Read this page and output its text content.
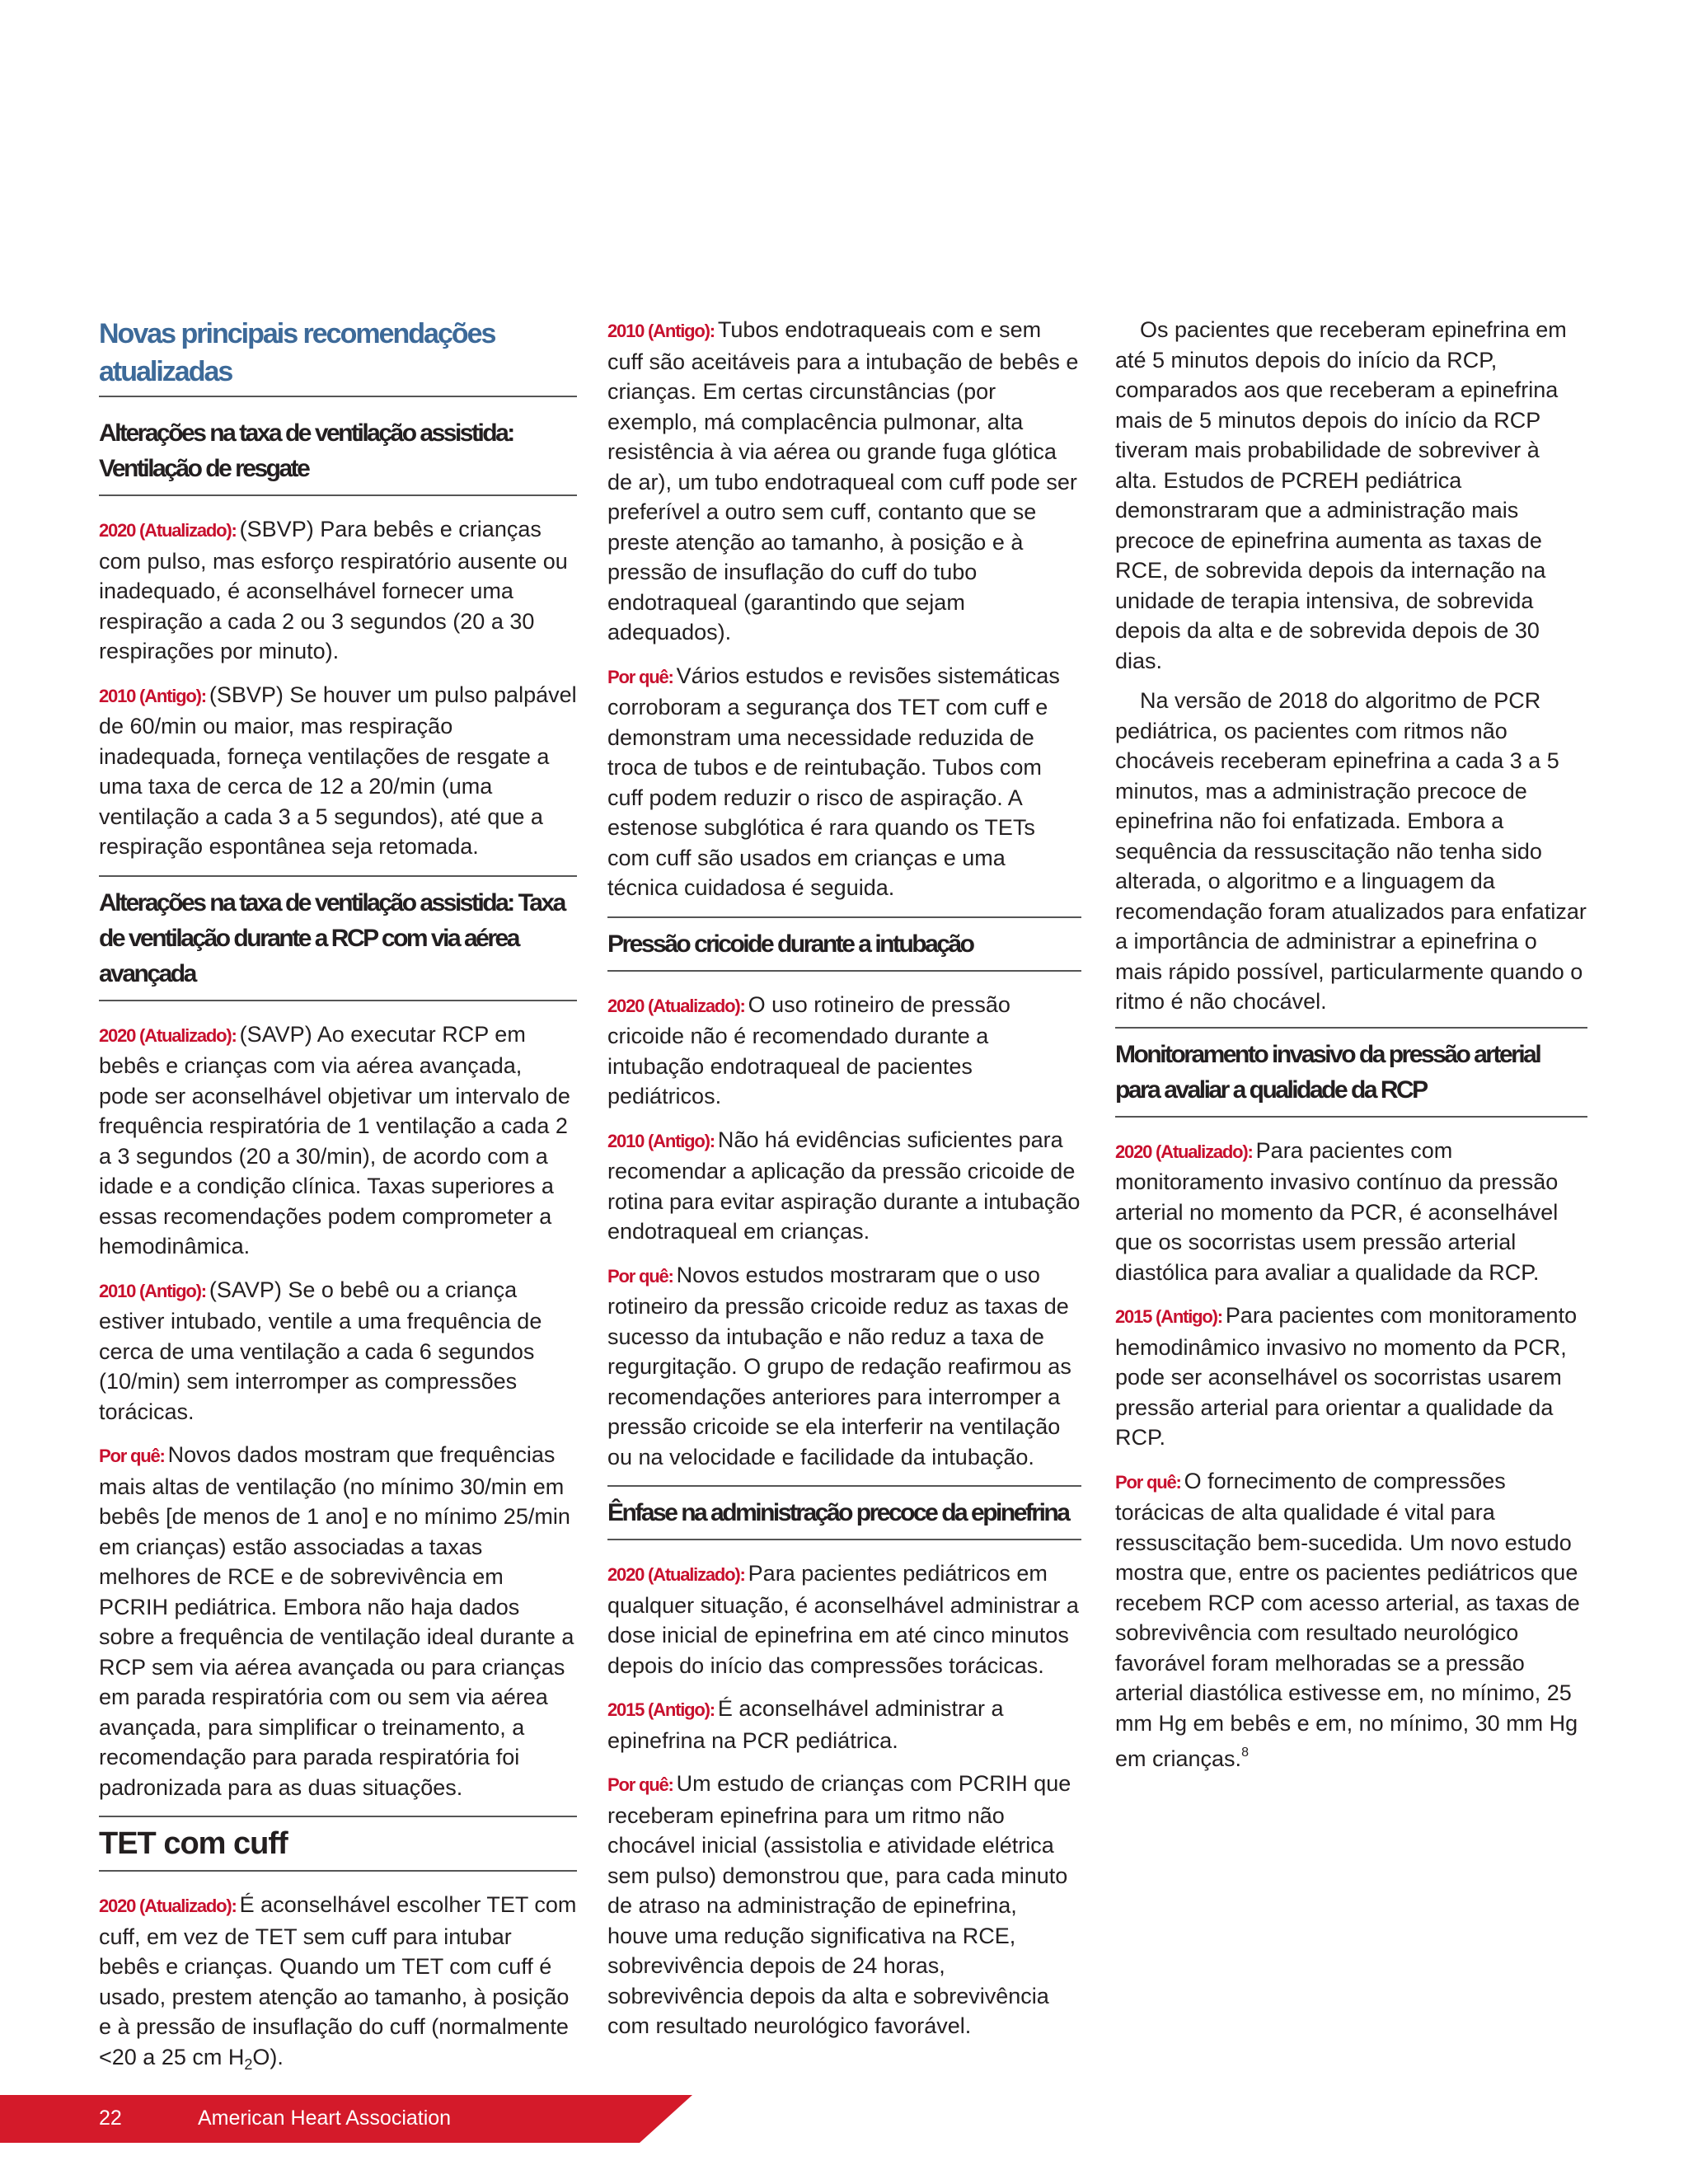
Novas principais recomendações atualizadas
Alterações na taxa de ventilação assistida: Ventilação de resgate

2020 (Atualizado): (SBVP) Para bebês e crianças com pulso, mas esforço respiratório ausente ou inadequado, é aconselhável fornecer uma respiração a cada 2 ou 3 segundos (20 a 30 respirações por minuto).

2010 (Antigo): (SBVP) Se houver um pulso palpável de 60/min ou maior, mas respiração inadequada, forneça ventilações de resgate a uma taxa de cerca de 12 a 20/min (uma ventilação a cada 3 a 5 segundos), até que a respiração espontânea seja retomada.

Alterações na taxa de ventilação assistida: Taxa de ventilação durante a RCP com via aérea avançada

2020 (Atualizado): (SAVP) Ao executar RCP em bebês e crianças com via aérea avançada, pode ser aconselhável objetivar um intervalo de frequência respiratória de 1 ventilação a cada 2 a 3 segundos (20 a 30/min), de acordo com a idade e a condição clínica. Taxas superiores a essas recomendações podem comprometer a hemodinâmica.

2010 (Antigo): (SAVP) Se o bebê ou a criança estiver intubado, ventile a uma frequência de cerca de uma ventilação a cada 6 segundos (10/min) sem interromper as compressões torácicas.

Por quê: Novos dados mostram que frequências mais altas de ventilação (no mínimo 30/min em bebês [de menos de 1 ano] e no mínimo 25/min em crianças) estão associadas a taxas melhores de RCE e de sobrevivência em PCRIH pediátrica. Embora não haja dados sobre a frequência de ventilação ideal durante a RCP sem via aérea avançada ou para crianças em parada respiratória com ou sem via aérea avançada, para simplificar o treinamento, a recomendação para parada respiratória foi padronizada para as duas situações.

TET com cuff

2020 (Atualizado): É aconselhável escolher TET com cuff, em vez de TET sem cuff para intubar bebês e crianças. Quando um TET com cuff é usado, prestem atenção ao tamanho, à posição e à pressão de insuflação do cuff (normalmente <20 a 25 cm $H_2O$).

2010 (Antigo): Tubos endotraqueais com e sem cuff são aceitáveis para a intubação de bebês e crianças. Em certas circunstâncias (por exemplo, má complacência pulmonar, alta resistência à via aérea ou grande fuga glótica de ar), um tubo endotraqueal com cuff pode ser preferível a outro sem cuff, contanto que se preste atenção ao tamanho, à posição e à pressão de insuflação do cuff do tubo endotraqueal (garantindo que sejam adequados).

Por quê: Vários estudos e revisões sistemáticas corroboram a segurança dos TET com cuff e demonstram uma necessidade reduzida de troca de tubos e de reintubação. Tubos com cuff podem reduzir o risco de aspiração. A estenose subglótica é rara quando os TETs com cuff são usados em crianças e uma técnica cuidadosa é seguida.

Pressão cricoide durante a intubação

2020 (Atualizado): O uso rotineiro de pressão cricoide não é recomendado durante a intubação endotraqueal de pacientes pediátricos.

2010 (Antigo): Não há evidências suficientes para recomendar a aplicação da pressão cricoide de rotina para evitar aspiração durante a intubação endotraqueal em crianças.

Por quê: Novos estudos mostraram que o uso rotineiro da pressão cricoide reduz as taxas de sucesso da intubação e não reduz a taxa de regurgitação. O grupo de redação reafirmou as recomendações anteriores para interromper a pressão cricoide se ela interferir na ventilação ou na velocidade e facilidade da intubação.

Ênfase na administração precoce da epinefrina

2020 (Atualizado): Para pacientes pediátricos em qualquer situação, é aconselhável administrar a dose inicial de epinefrina em até cinco minutos depois do início das compressões torácicas.

2015 (Antigo): É aconselhável administrar a epinefrina na PCR pediátrica.

Por quê: Um estudo de crianças com PCRIH que receberam epinefrina para um ritmo não chocável inicial (assistolia e atividade elétrica sem pulso) demonstrou que, para cada minuto de atraso na administração de epinefrina, houve uma redução significativa na RCE, sobrevivência depois de 24 horas, sobrevivência depois da alta e sobrevivência com resultado neurológico favorável.

Os pacientes que receberam epinefrina em até 5 minutos depois do início da RCP, comparados aos que receberam a epinefrina mais de 5 minutos depois do início da RCP tiveram mais probabilidade de sobreviver à alta. Estudos de PCREH pediátrica demonstraram que a administração mais precoce de epinefrina aumenta as taxas de RCE, de sobrevida depois da internação na unidade de terapia intensiva, de sobrevida depois da alta e de sobrevida depois de 30 dias.

Na versão de 2018 do algoritmo de PCR pediátrica, os pacientes com ritmos não chocáveis receberam epinefrina a cada 3 a 5 minutos, mas a administração precoce de epinefrina não foi enfatizada. Embora a sequência da ressuscitação não tenha sido alterada, o algoritmo e a linguagem da recomendação foram atualizados para enfatizar a importância de administrar a epinefrina o mais rápido possível, particularmente quando o ritmo é não chocável.

Monitoramento invasivo da pressão arterial para avaliar a qualidade da RCP

2020 (Atualizado): Para pacientes com monitoramento invasivo contínuo da pressão arterial no momento da PCR, é aconselhável que os socorristas usem pressão arterial diastólica para avaliar a qualidade da RCP.

2015 (Antigo): Para pacientes com monitoramento hemodinâmico invasivo no momento da PCR, pode ser aconselhável os socorristas usarem pressão arterial para orientar a qualidade da RCP.

Por quê: O fornecimento de compressões torácicas de alta qualidade é vital para ressuscitação bem-sucedida. Um novo estudo mostra que, entre os pacientes pediátricos que recebem RCP com acesso arterial, as taxas de sobrevivência com resultado neurológico favorável foram melhoradas se a pressão arterial diastólica estivesse em, no mínimo, 25 mm Hg em bebês e em, no mínimo, 30 mm Hg em crianças.$^8$

22	American Heart Association
